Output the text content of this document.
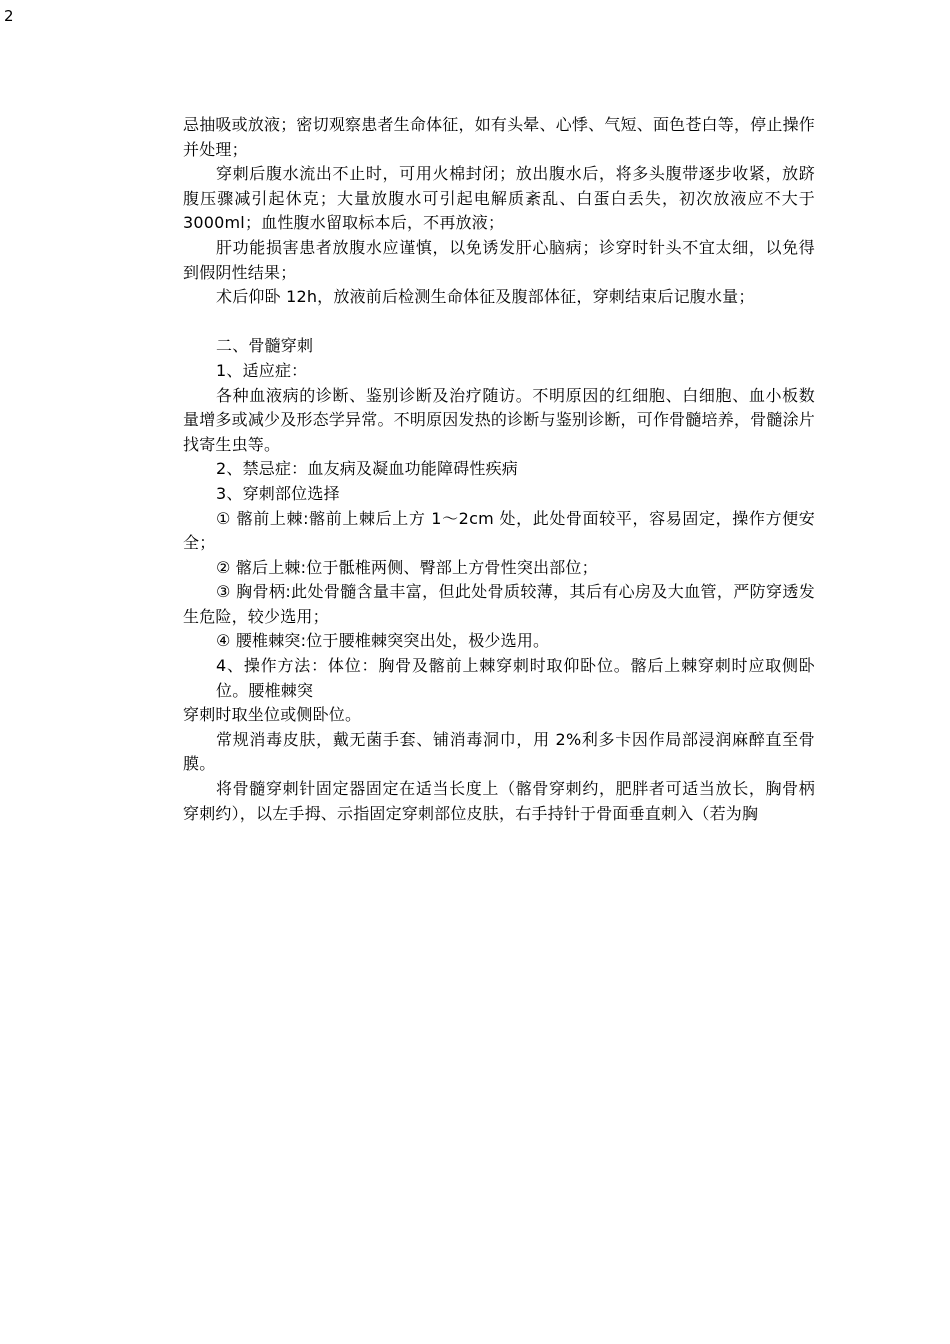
2

忌抽吸或放液；密切观察患者生命体征，如有头晕、心悸、气短、面色苍白等，停止操作并处理；

穿刺后腹水流出不止时，可用火棉封闭；放出腹水后，将多头腹带逐步收紧，放跻腹压骤减引起休克；大量放腹水可引起电解质紊乱、白蛋白丢失，初次放液应不大于 3000ml；血性腹水留取标本后，不再放液；

肝功能损害患者放腹水应谨慎，以免诱发肝心脑病；诊穿时针头不宜太细，以免得到假阴性结果；

术后仰卧 12h，放液前后检测生命体征及腹部体征，穿刺结束后记腹水量；

二、骨髓穿刺

1、适应症：

各种血液病的诊断、鉴别诊断及治疗随访。不明原因的红细胞、白细胞、血小板数量增多或减少及形态学异常。不明原因发热的诊断与鉴别诊断，可作骨髓培养，骨髓涂片找寄生虫等。

2、禁忌症：血友病及凝血功能障碍性疾病

3、穿刺部位选择

① 髂前上棘:髂前上棘后上方 1～2cm 处，此处骨面较平，容易固定，操作方便安全；

② 髂后上棘:位于骶椎两侧、臀部上方骨性突出部位；

③ 胸骨柄:此处骨髓含量丰富，但此处骨质较薄，其后有心房及大血管，严防穿透发生危险，较少选用；

④ 腰椎棘突:位于腰椎棘突突出处，极少选用。

4、操作方法：体位：胸骨及髂前上棘穿刺时取仰卧位。髂后上棘穿刺时应取侧卧位。腰椎棘突

穿刺时取坐位或侧卧位。

常规消毒皮肤，戴无菌手套、铺消毒洞巾，用 2%利多卡因作局部浸润麻醉直至骨膜。

将骨髓穿刺针固定器固定在适当长度上（髂骨穿刺约，肥胖者可适当放长，胸骨柄穿刺约），以左手拇、示指固定穿刺部位皮肤，右手持针于骨面垂直刺入（若为胸
